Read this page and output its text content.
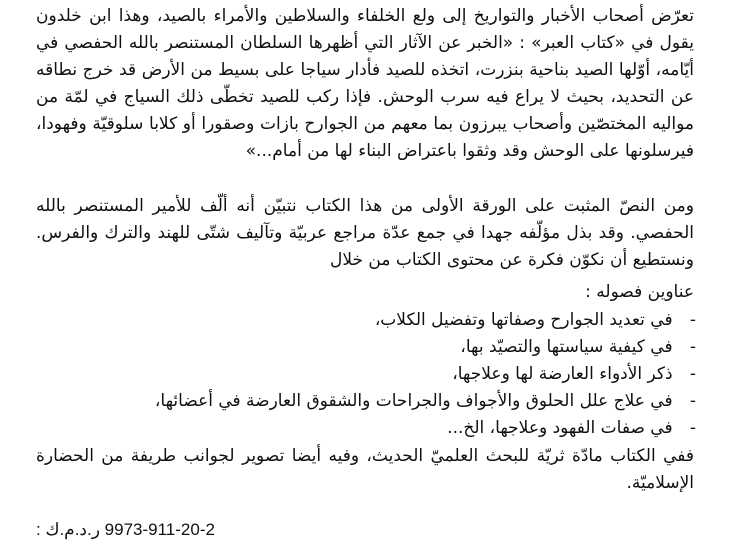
تعرّض أصحاب الأخبار والتواريخ إلى ولع الخلفاء والسلاطين والأمراء بالصيد، وهذا ابن خلدون يقول في «كتاب العبر» : «الخبر عن الآثار التي أظهرها السلطان المستنصر بالله الحفصي في أيّامه، أوّلها الصيد بناحية بنزرت، اتخذه للصيد فأدار سياجا على بسيط من الأرض قد خرج نطاقه عن التحديد، بحيث لا يراع فيه سرب الوحش. فإذا ركب للصيد تخطّى ذلك السياج في لمّة من مواليه المختصّين وأصحاب يبرزون بما معهم من الجوارح بازات وصقورا أو كلابا سلوقيّة وفهودا، فيرسلونها على الوحش وقد وثقوا باعتراض البناء لها من أمام...»

ومن النصّ المثبت على الورقة الأولى من هذا الكتاب نتبيّن أنه ألّف للأمير المستنصر بالله الحفصي. وقد بذل مؤلّفه جهدا في جمع عدّة مراجع عربيّة وتآليف شتّى للهند والترك والفرس. ونستطيع أن نكوّن فكرة عن محتوى الكتاب من خلال

عناوين فصوله :

- في تعديد الجوارح وصفاتها وتفضيل الكلاب،
- في كيفية سياستها والتصيّد بها،
- ذكر الأدواء العارضة لها وعلاجها،
- في علاج علل الحلوق والأجواف والجراحات والشقوق العارضة في أعضائها،
- في صفات الفهود وعلاجها، الخ...

ففي الكتاب مادّة ثريّة للبحث العلميّ الحديث، وفيه أيضا تصوير لجوانب طريفة من الحضارة الإسلاميّة.

ر.د.م.ك : 9973-911-20-2
